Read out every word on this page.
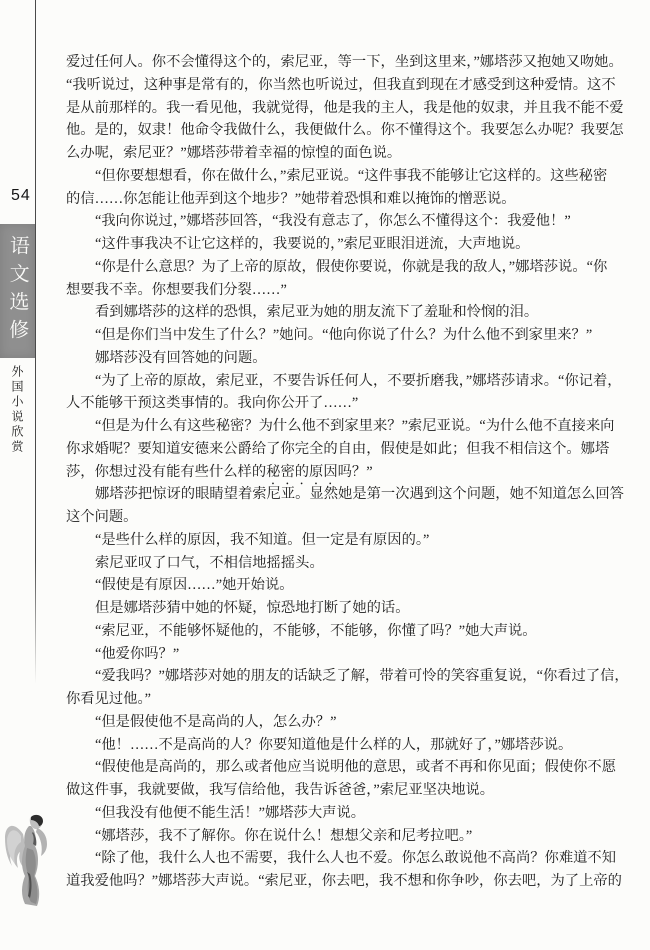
54
语文选修
外国小说欣赏
爱过任何人。你不会懂得这个的，索尼亚，等一下，坐到这里来，”娜塔莎又抱她又吻她。
“我听说过，这种事是常有的，你当然也听说过，但我直到现在才感受到这种爱情。这不
是从前那样的。我一看见他，我就觉得，他是我的主人，我是他的奴隶，并且我不能不爱
他。是的，奴隶！他命令我做什么，我便做什么。你不懂得这个。我要怎么办呢？我要怎
么办呢，索尼亚？”娜塔莎带着幸福的惊惶的面色说。
“但你要想想看，你在做什么，”索尼亚说。“这件事我不能够让它这样的。这些秘密
的信……你怎能让他弄到这个地步？”她带着恐惧和难以掩饰的憎恶说。
“我向你说过，”娜塔莎回答，“我没有意志了，你怎么不懂得这个：我爱他！”
“这件事我决不让它这样的，我要说的，”索尼亚眼泪迸流，大声地说。
“你是什么意思？为了上帝的原故，假使你要说，你就是我的敌人，”娜塔莎说。“你
想要我不幸。你想要我们分裂……”
看到娜塔莎的这样的恐惧，索尼亚为她的朋友流下了羞耻和怜悯的泪。
“但是你们当中发生了什么？”她问。“他向你说了什么？为什么他不到家里来？”
娜塔莎没有回答她的问题。
“为了上帝的原故，索尼亚，不要告诉任何人，不要折磨我，”娜塔莎请求。“你记着，
人不能够干预这类事情的。我向你公开了……”
“但是为什么有这些秘密？为什么他不到家里来？”索尼亚说。“为什么他不直接来向
你求婚呢？要知道安德来公爵给了你完全的自由，假使是如此；但我不相信这个。娜塔
莎，你想过没有能有些什么样的秘密的原因吗？”
娜塔莎把惊讶的眼睛望着索尼亚。显然她是第一次遇到这个问题，她不知道怎么回答
这个问题。
“是些什么样的原因，我不知道。但一定是有原因的。”
索尼亚叹了口气，不相信地摇摇头。
“假使是有原因……”她开始说。
但是娜塔莎猜中她的怀疑，惊恐地打断了她的话。
“索尼亚，不能够怀疑他的，不能够，不能够，你懂了吗？”她大声说。
“他爱你吗？”
“爱我吗？”娜塔莎对她的朋友的话缺乏了解，带着可怜的笑容重复说，“你看过了信，
你看见过他。”
“但是假使他不是高尚的人，怎么办？”
“他！……不是高尚的人？你要知道他是什么样的人，那就好了，”娜塔莎说。
“假使他是高尚的，那么或者他应当说明他的意思，或者不再和你见面；假使你不愿
做这件事，我就要做，我写信给他，我告诉爸爸，”索尼亚坚决地说。
“但我没有他便不能生活！”娜塔莎大声说。
“娜塔莎，我不了解你。你在说什么！想想父亲和尼考拉吧。”
“除了他，我什么人也不需要，我什么人也不爱。你怎么敢说他不高尚？你难道不知
道我爱他吗？”娜塔莎大声说。“索尼亚，你去吧，我不想和你争吵，你去吧，为了上帝的
